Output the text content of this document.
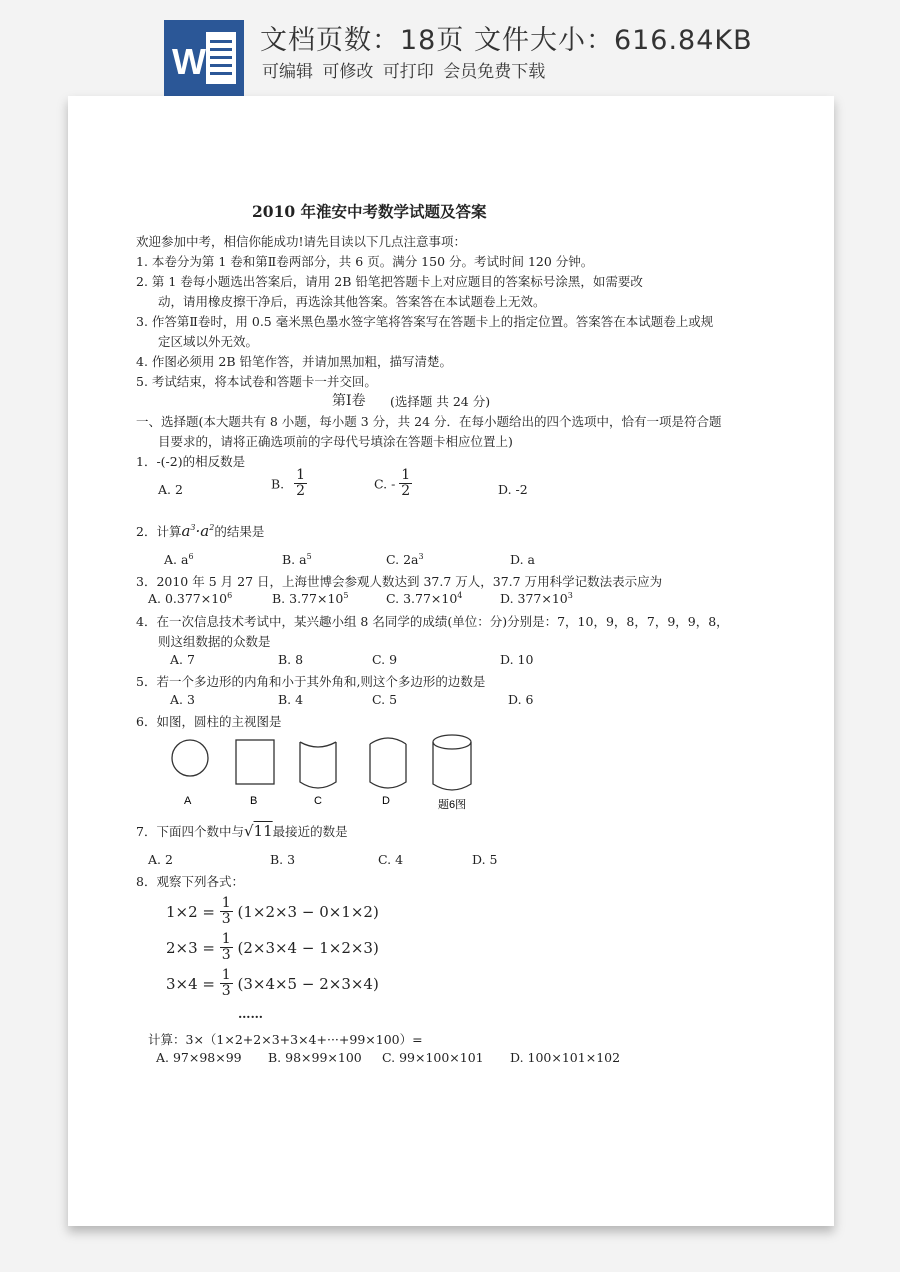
W
文档页数：18页 文件大小：616.84KB
可编辑 可修改 可打印 会员免费下载
2010 年淮安中考数学试题及答案
欢迎参加中考，相信你能成功!请先目读以下几点注意事项：
1. 本卷分为第 1 卷和第Ⅱ卷两部分，共 6 页。满分 150 分。考试时间 120 分钟。
2. 第 1 卷每小题选出答案后，请用 2B 铅笔把答题卡上对应题目的答案标号涂黑，如需要改
动，请用橡皮擦干净后，再选涂其他答案。答案答在本试题卷上无效。
3. 作答第Ⅱ卷时，用 0.5 毫米黑色墨水签字笔将答案写在答题卡上的指定位置。答案答在本试题卷上或规
定区域以外无效。
4. 作图必须用 2B 铅笔作答，并请加黑加粗，描写清楚。
5. 考试结束，将本试卷和答题卡一并交回。
第Ⅰ卷 (选择题 共 24 分)
一、选择题(本大题共有 8 小题，每小题 3 分，共 24 分．在每小题给出的四个选项中，恰有一项是符合题
目要求的，请将正确选项前的字母代号填涂在答题卡相应位置上)
1．-(-2)的相反数是
A. 2	B. $\frac{1}{2}$	C. - $\frac{1}{2}$	D. -2
2．计算$a^3\cdot a^2$的结果是
A. $a^6$	B. $a^5$	C. $2a^3$	D. a
3．2010 年 5 月 27 日，上海世博会参观人数达到 37.7 万人，37.7 万用科学记数法表示应为
A. $0.377\times 10^6$	B. $3.77\times 10^5$	C. $3.77\times 10^4$	D. $377\times 10^3$
4．在一次信息技术考试中，某兴趣小组 8 名同学的成绩(单位：分)分别是：7，10，9，8，7，9，9，8，
则这组数据的众数是
A. 7	B. 8	C. 9	D. 10
5．若一个多边形的内角和小于其外角和,则这个多边形的边数是
A. 3	B. 4	C. 5	D. 6
6．如图，圆柱的主视图是
A	B	C	D	题6图
7．下面四个数中与√11最接近的数是
A. 2	B. 3	C. 4	D. 5
8．观察下列各式：
$1\times 2 = \frac{1}{3} (1\times 2\times 3 - 0\times 1\times 2)$
$2\times 3 = \frac{1}{3} (2\times 3\times 4 - 1\times 2\times 3)$
$3\times 4 = \frac{1}{3} (3\times 4\times 5 - 2\times 3\times 4)$
……
计算：3×（1×2+2×3+3×4+···+99×100）=
A. 97×98×99 B. 98×99×100 C. 99×100×101 D. 100×101×102
